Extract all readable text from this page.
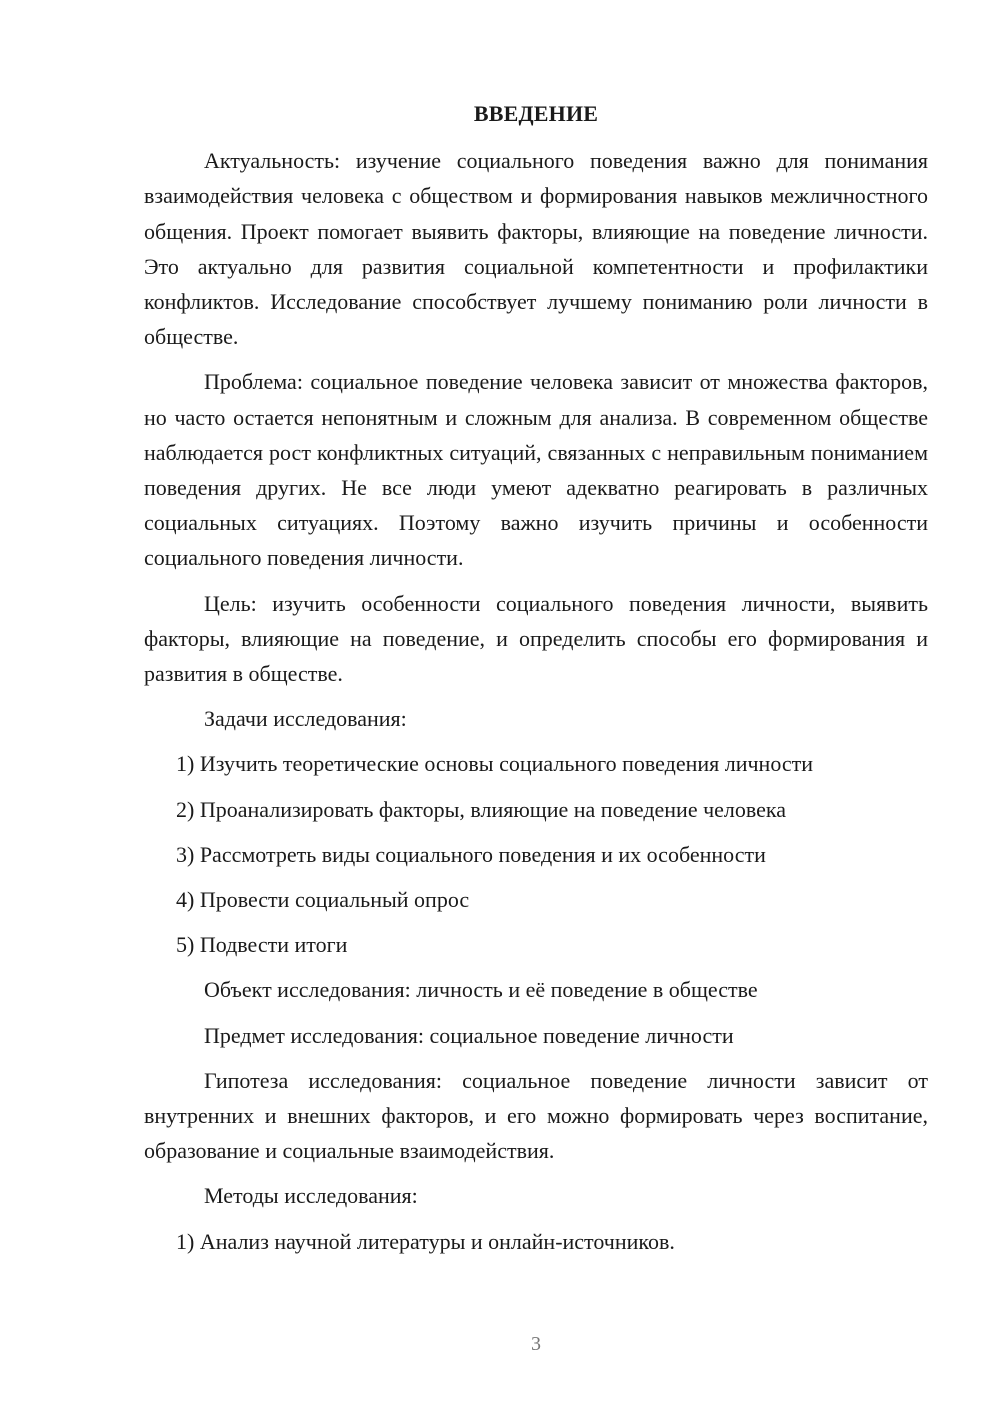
ВВЕДЕНИЕ

Актуальность: изучение социального поведения важно для понимания взаимодействия человека с обществом и формирования навыков межличностного общения. Проект помогает выявить факторы, влияющие на поведение личности. Это актуально для развития социальной компетентности и профилактики конфликтов. Исследование способствует лучшему пониманию роли личности в обществе.

Проблема: социальное поведение человека зависит от множества факторов, но часто остается непонятным и сложным для анализа. В современном обществе наблюдается рост конфликтных ситуаций, связанных с неправильным пониманием поведения других. Не все люди умеют адекватно реагировать в различных социальных ситуациях. Поэтому важно изучить причины и особенности социального поведения личности.

Цель: изучить особенности социального поведения личности, выявить факторы, влияющие на поведение, и определить способы его формирования и развития в обществе.

Задачи исследования:
1) Изучить теоретические основы социального поведения личности
2) Проанализировать факторы, влияющие на поведение человека
3) Рассмотреть виды социального поведения и их особенности
4) Провести социальный опрос
5) Подвести итоги
Объект исследования: личность и её поведение в обществе
Предмет исследования: социальное поведение личности

Гипотеза исследования: социальное поведение личности зависит от внутренних и внешних факторов, и его можно формировать через воспитание, образование и социальные взаимодействия.

Методы исследования:
1) Анализ научной литературы и онлайн-источников.
3
